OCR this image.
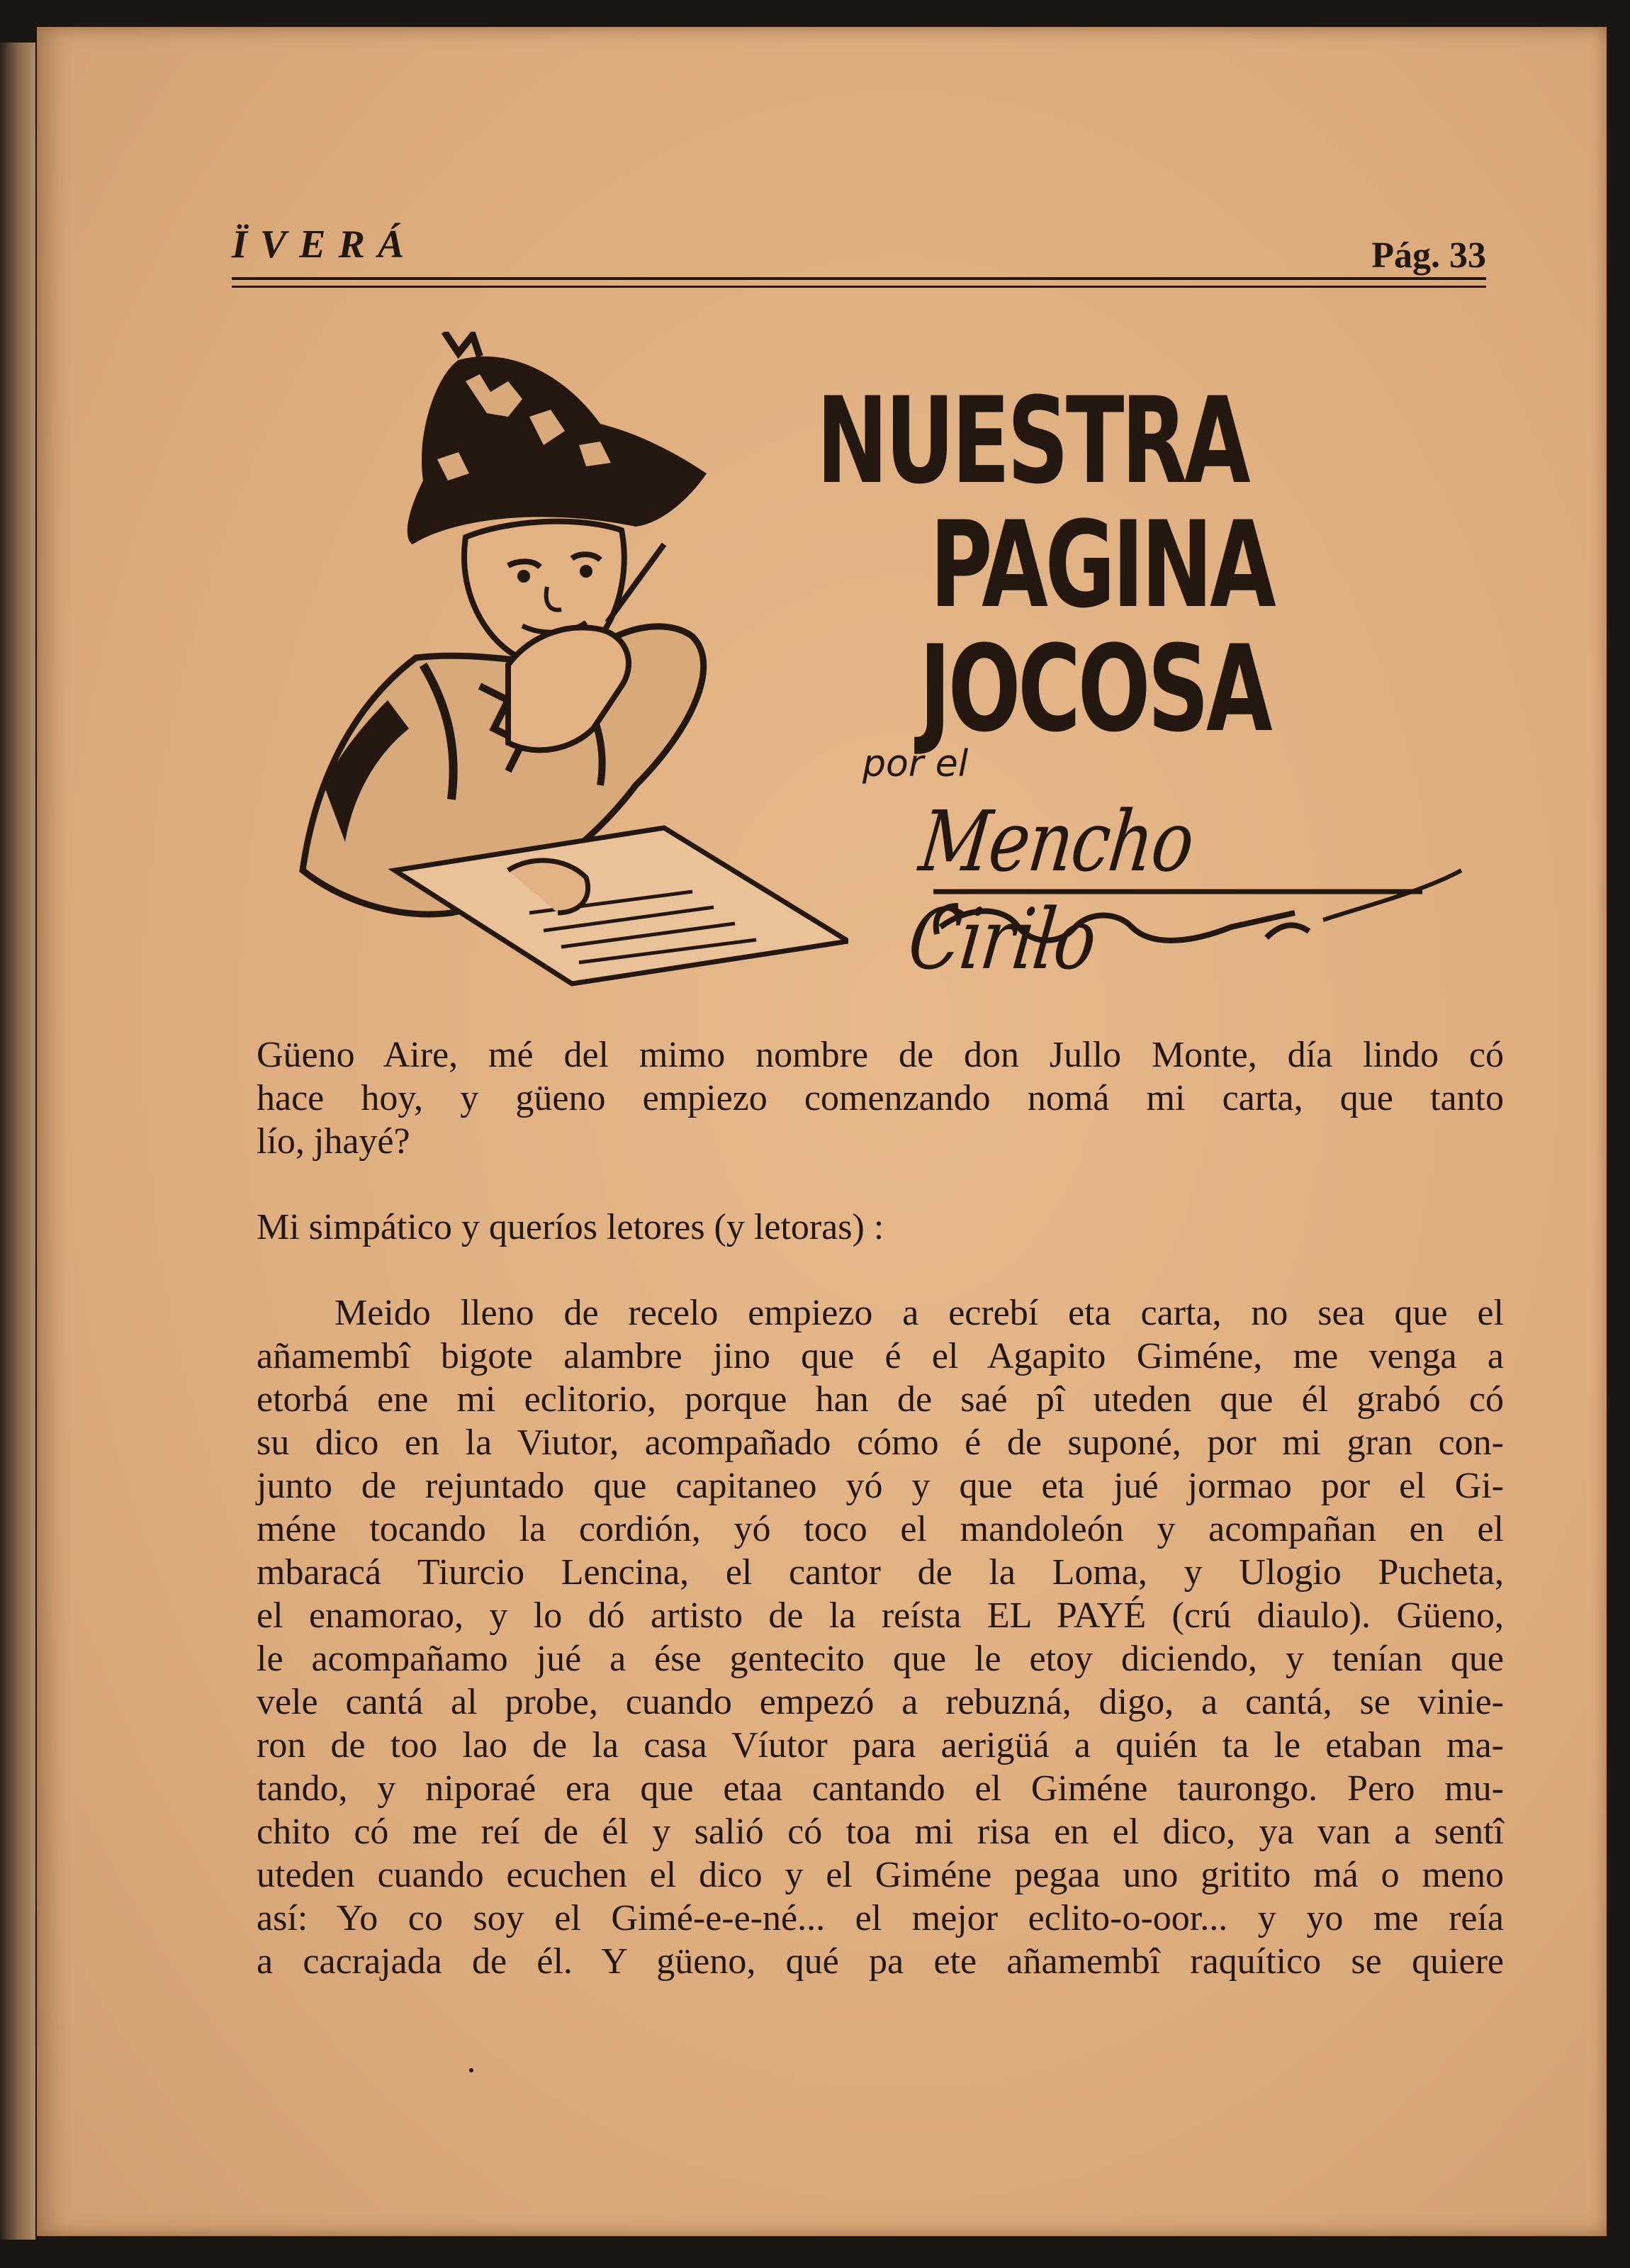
ÏVERÁ	Pág. 33
NUESTRA
PAGINA
JOCOSA
por el
Mencho Cirilo

Güeno Aire, mé del mimo nombre de don Jullo Monte, día lindo có
hace hoy, y güeno empiezo comenzando nomá mi carta, que tanto
lío, jhayé?

Mi simpático y queríos letores (y letoras) :

Meido lleno de recelo empiezo a ecrebí eta carta, no sea que el
añamembî bigote alambre jino que é el Agapito Giméne, me venga a
etorbá ene mi eclitorio, porque han de saé pî uteden que él grabó có
su dico en la Viutor, acompañado cómo é de suponé, por mi gran con-
junto de rejuntado que capitaneo yó y que eta jué jormao por el Gi-
méne tocando la cordión, yó toco el mandoleón y acompañan en el
mbaracá Tiurcio Lencina, el cantor de la Loma, y Ulogio Pucheta,
el enamorao, y lo dó artisto de la reísta EL PAYÉ (crú diaulo). Güeno,
le acompañamo jué a ése gentecito que le etoy diciendo, y tenían que
vele cantá al probe, cuando empezó a rebuzná, digo, a cantá, se vinie-
ron de too lao de la casa Víutor para aerigüá a quién ta le etaban ma-
tando, y niporaé era que etaa cantando el Giméne taurongo. Pero mu-
chito có me reí de él y salió có toa mi risa en el dico, ya van a sentî
uteden cuando ecuchen el dico y el Giméne pegaa uno gritito má o meno
así: Yo co soy el Gimé-e-e-né... el mejor eclito-o-oor... y yo me reía
a cacrajada de él. Y güeno, qué pa ete añamembî raquítico se quiere
